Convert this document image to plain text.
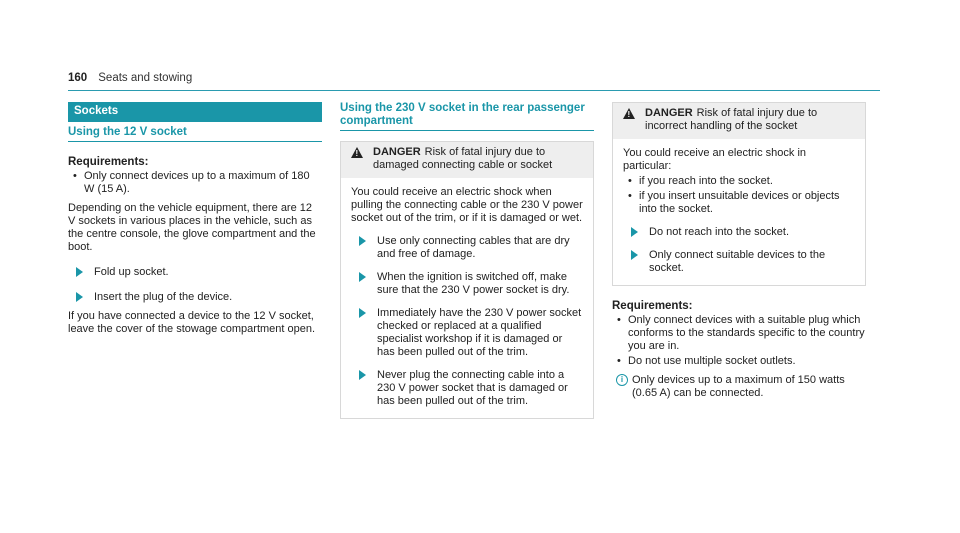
160 Seats and stowing
Sockets
Using the 12 V socket
Requirements:
• Only connect devices up to a maximum of 180 W (15 A).

Depending on the vehicle equipment, there are 12 V sockets in various places in the vehicle, such as the centre console, the glove compartment and the boot.

Fold up socket.
Insert the plug of the device.

If you have connected a device to the 12 V socket, leave the cover of the stowage compartment open.

Using the 230 V socket in the rear passenger compartment
! DANGER Risk of fatal injury due to damaged connecting cable or socket

You could receive an electric shock when pulling the connecting cable or the 230 V power socket out of the trim, or if it is damaged or wet.

Use only connecting cables that are dry and free of damage.
When the ignition is switched off, make sure that the 230 V power socket is dry.
Immediately have the 230 V power socket checked or replaced at a qualified specialist workshop if it is damaged or has been pulled out of the trim.
Never plug the connecting cable into a 230 V power socket that is damaged or has been pulled out of the trim.
! DANGER Risk of fatal injury due to incorrect handling of the socket

You could receive an electric shock in particular:

• if you reach into the socket.
• if you insert unsuitable devices or objects into the socket.
Do not reach into the socket.
Only connect suitable devices to the socket.
Requirements:
• Only connect devices with a suitable plug which conforms to the standards specific to the country you are in.
• Do not use multiple socket outlets.
i Only devices up to a maximum of 150 watts (0.65 A) can be connected.
